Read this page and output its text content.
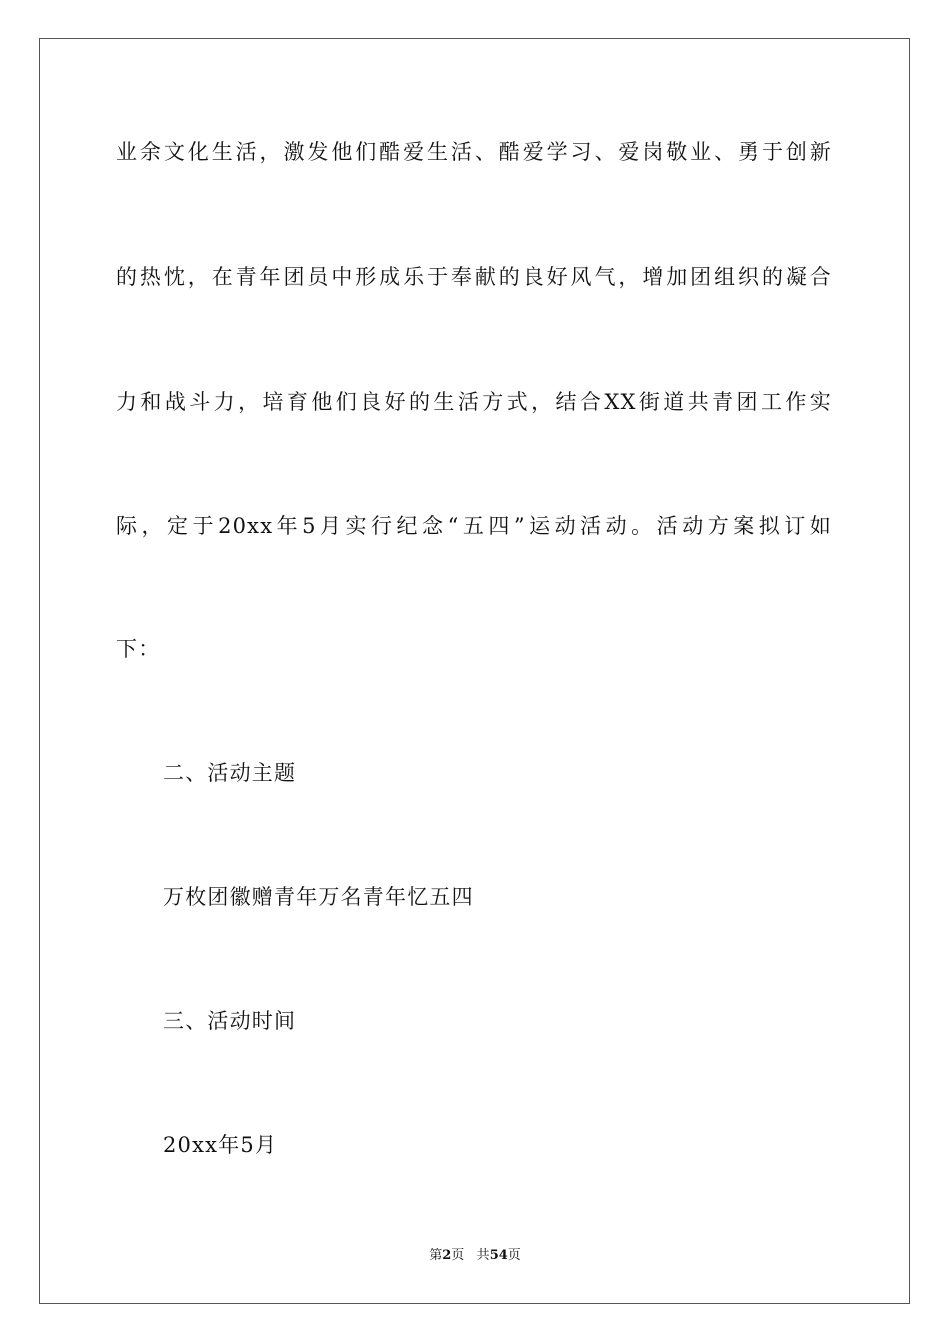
业余文化生活，激发他们酷爱生活、酷爱学习、爱岗敬业、勇于创新
的热忱，在青年团员中形成乐于奉献的良好风气，增加团组织的凝合
力和战斗力，培育他们良好的生活方式，结合XX街道共青团工作实
际，定于20xx年5月实行纪念“五四”运动活动。活动方案拟订如
下：
二、活动主题
万枚团徽赠青年万名青年忆五四
三、活动时间
20xx年5月
第2页 共54页
